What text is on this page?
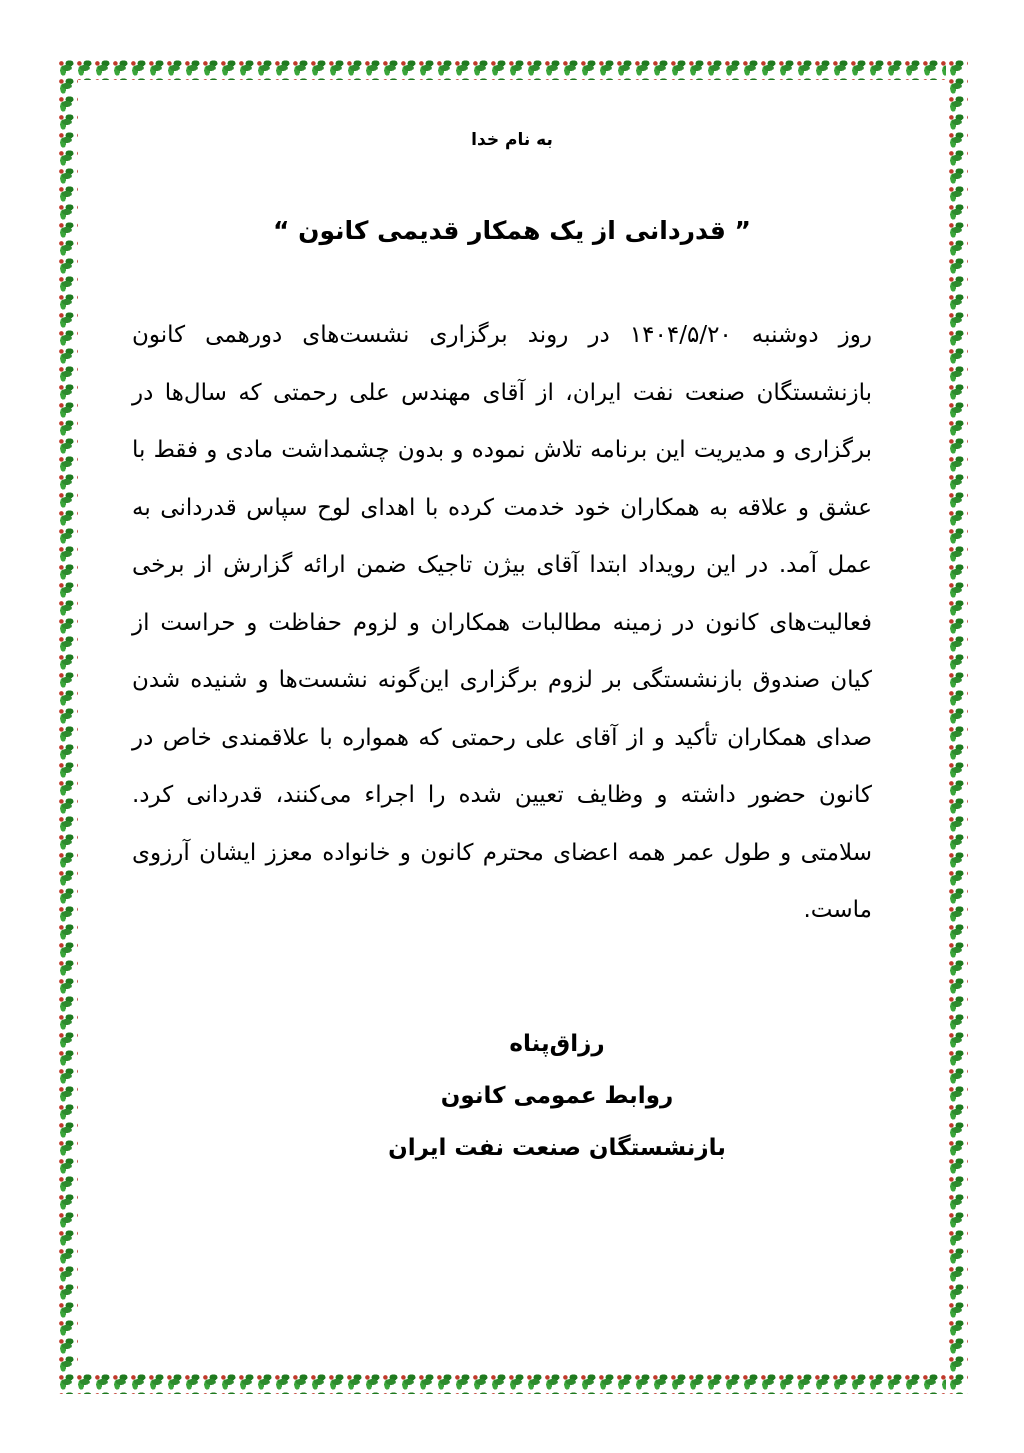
به نام خدا
” قدردانی از یک همکار قدیمی کانون “

روز دوشنبه ۱۴۰۴/۵/۲۰ در روند برگزاری نشست‌های دورهمی کانون بازنشستگان صنعت نفت ایران، از آقای مهندس علی رحمتی که سال‌ها در برگزاری و مدیریت این برنامه تلاش نموده و بدون چشمداشت مادی و فقط با عشق و علاقه به همکاران خود خدمت کرده با اهدای لوح سپاس قدردانی به عمل آمد. در این رویداد ابتدا آقای بیژن تاجیک ضمن ارائه گزارش از برخی فعالیت‌های کانون در زمینه مطالبات همکاران و لزوم حفاظت و حراست از کیان صندوق بازنشستگی بر لزوم برگزاری این‌گونه نشست‌ها و شنیده شدن صدای همکاران تأکید و از آقای علی رحمتی که همواره با علاقمندی خاص در کانون حضور داشته و وظایف تعیین شده را اجراء می‌کنند، قدردانی کرد. سلامتی و طول عمر همه اعضای محترم کانون و خانواده معزز ایشان آرزوی ماست.

رزاق‌پناه
روابط عمومی کانون
بازنشستگان صنعت نفت ایران
